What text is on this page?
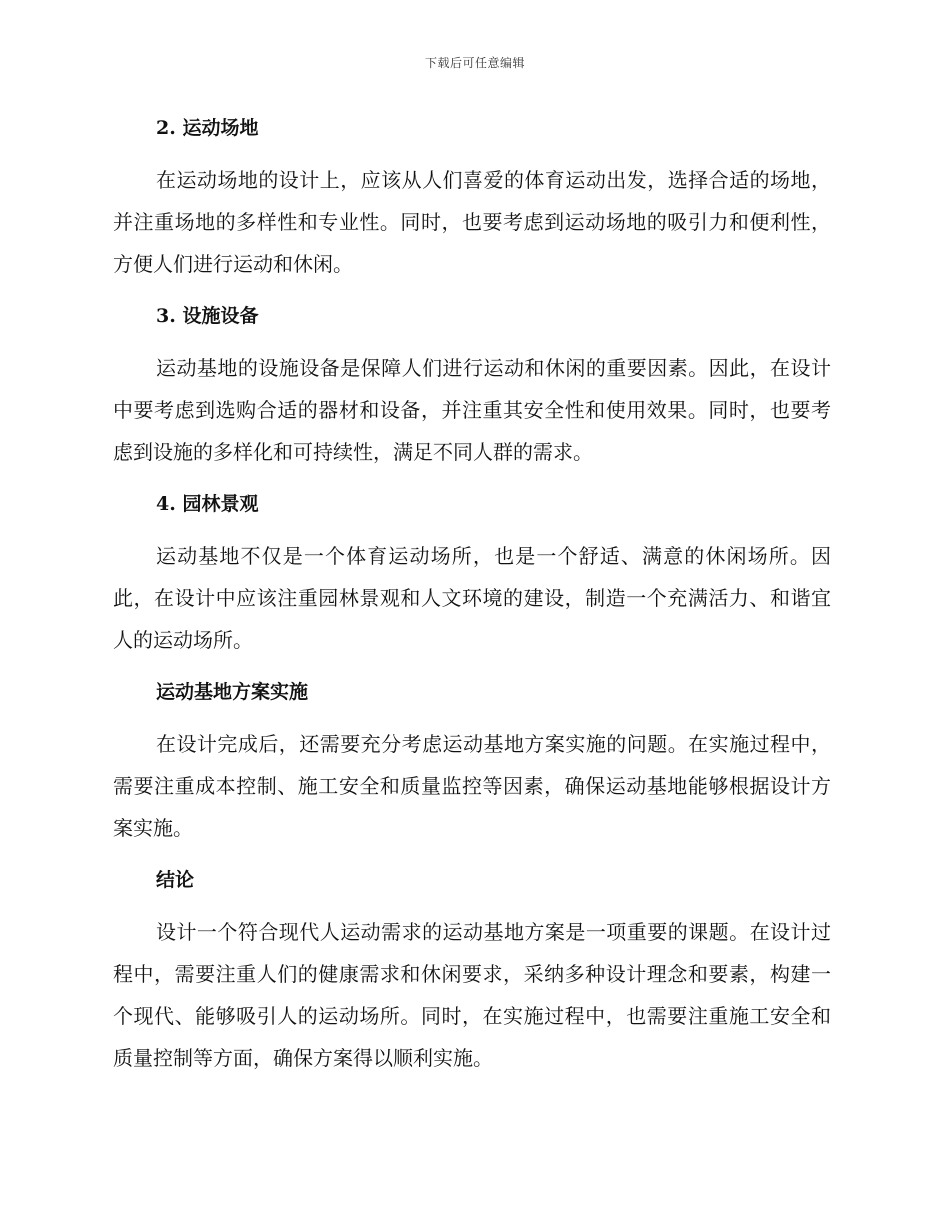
下载后可任意编辑
2. 运动场地

在运动场地的设计上，应该从人们喜爱的体育运动出发，选择合适的场地，并注重场地的多样性和专业性。同时，也要考虑到运动场地的吸引力和便利性，方便人们进行运动和休闲。

3. 设施设备

运动基地的设施设备是保障人们进行运动和休闲的重要因素。因此，在设计中要考虑到选购合适的器材和设备，并注重其安全性和使用效果。同时，也要考虑到设施的多样化和可持续性，满足不同人群的需求。

4. 园林景观

运动基地不仅是一个体育运动场所，也是一个舒适、满意的休闲场所。因此，在设计中应该注重园林景观和人文环境的建设，制造一个充满活力、和谐宜人的运动场所。

运动基地方案实施

在设计完成后，还需要充分考虑运动基地方案实施的问题。在实施过程中，需要注重成本控制、施工安全和质量监控等因素，确保运动基地能够根据设计方案实施。

结论

设计一个符合现代人运动需求的运动基地方案是一项重要的课题。在设计过程中，需要注重人们的健康需求和休闲要求，采纳多种设计理念和要素，构建一个现代、能够吸引人的运动场所。同时，在实施过程中，也需要注重施工安全和质量控制等方面，确保方案得以顺利实施。
